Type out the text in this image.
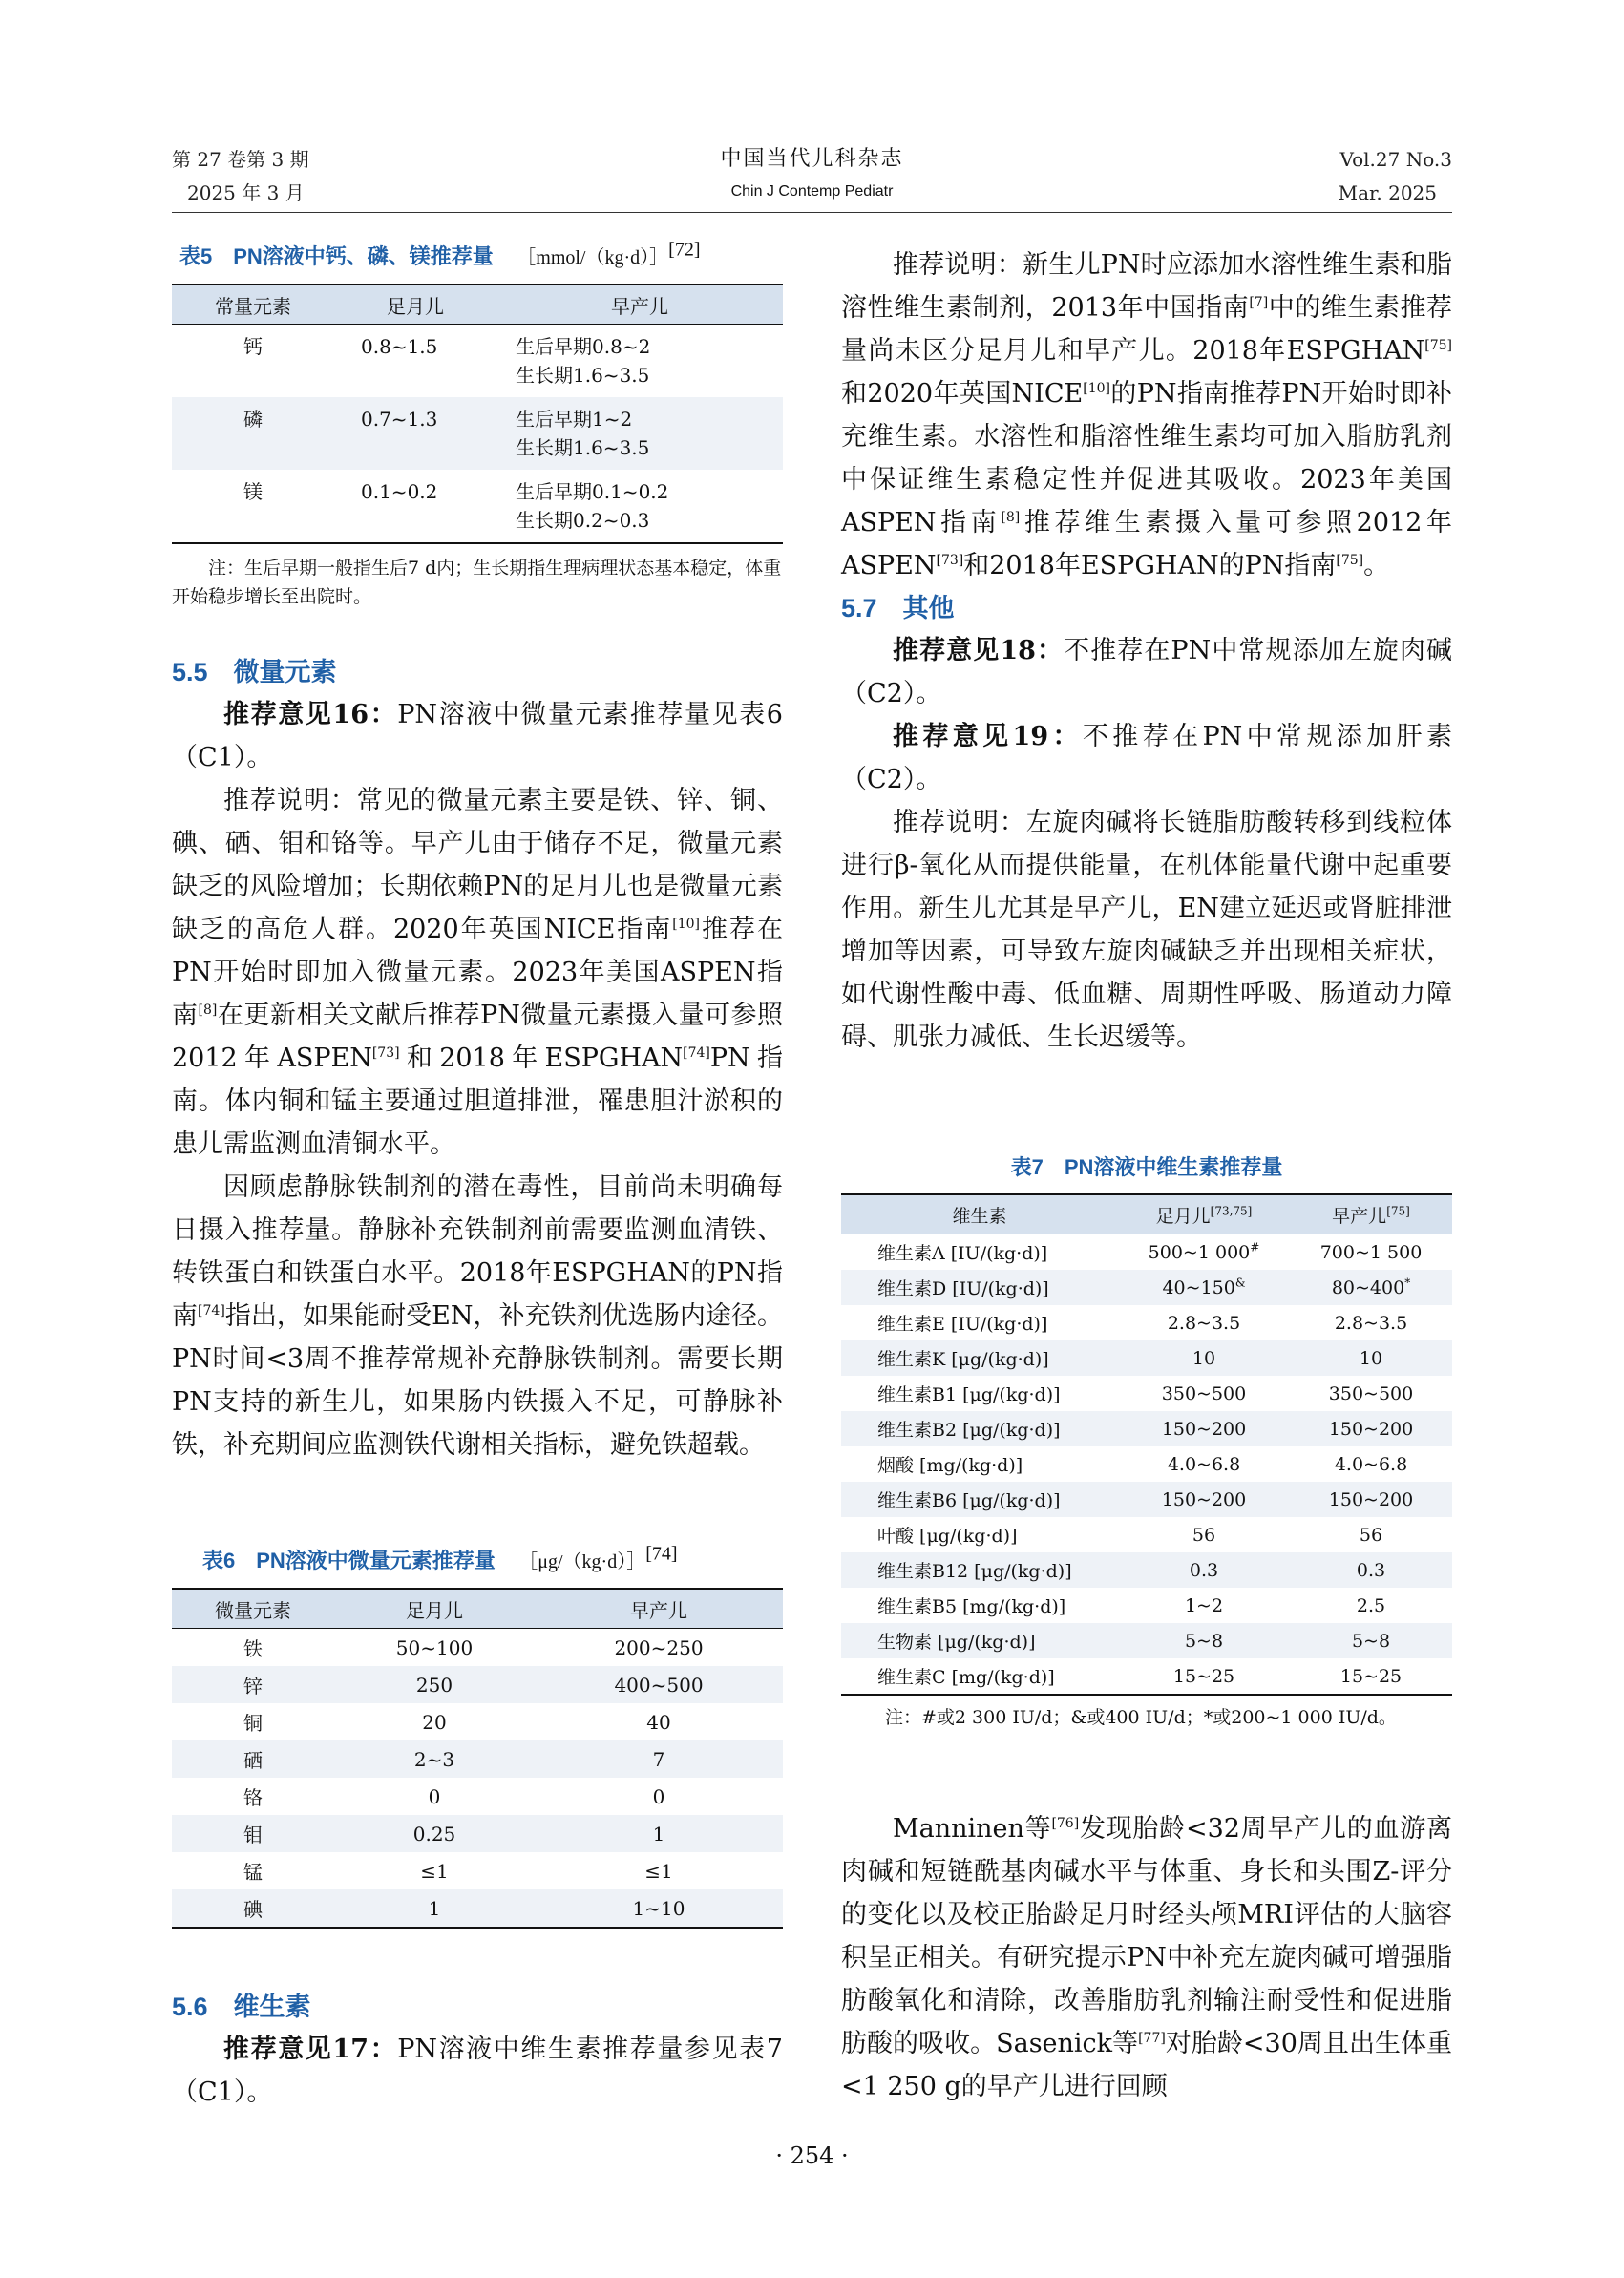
第 27 卷第 3 期
2025 年 3 月
中国当代儿科杂志
Chin J Contemp Pediatr
Vol.27 No.3
Mar. 2025
表5　PN溶液中钙、磷、镁推荐量 ［mmol/（kg·d）］[72]
常量元素	足月儿	早产儿
钙	0.8~1.5	生后早期0.8~2
生长期1.6~3.5

磷	0.7~1.3	生后早期1~2
生长期1.6~3.5

镁	0.1~0.2	生后早期0.1~0.2
生长期0.2~0.3
注：生后早期一般指生后7 d内；生长期指生理病理状态基本稳定，体重开始稳步增长至出院时。
5.5　微量元素

推荐意见16：PN溶液中微量元素推荐量见表6（C1）。

推荐说明：常见的微量元素主要是铁、锌、铜、碘、硒、钼和铬等。早产儿由于储存不足，微量元素缺乏的风险增加；长期依赖PN的足月儿也是微量元素缺乏的高危人群。2020年英国NICE指南[10]推荐在PN开始时即加入微量元素。2023年美国ASPEN指南[8]在更新相关文献后推荐PN微量元素摄入量可参照2012年ASPEN[73]和2018年ESPGHAN[74]PN指南。体内铜和锰主要通过胆道排泄，罹患胆汁淤积的患儿需监测血清铜水平。

因顾虑静脉铁制剂的潜在毒性，目前尚未明确每日摄入推荐量。静脉补充铁制剂前需要监测血清铁、转铁蛋白和铁蛋白水平。2018年ESPGHAN的PN指南[74]指出，如果能耐受EN，补充铁剂优选肠内途径。PN时间<3周不推荐常规补充静脉铁制剂。需要长期PN支持的新生儿，如果肠内铁摄入不足，可静脉补铁，补充期间应监测铁代谢相关指标，避免铁超载。

表6　PN溶液中微量元素推荐量 ［μg/（kg·d）］[74]
微量元素	足月儿	早产儿
铁	50~100	200~250
锌	250	400~500
铜	20	40
硒	2~3	7
铬	0	0
钼	0.25	1
锰	≤1	≤1
碘	1	1~10
5.6　维生素

推荐意见17：PN溶液中维生素推荐量参见表7（C1）。

推荐说明：新生儿PN时应添加水溶性维生素和脂溶性维生素制剂，2013年中国指南[7]中的维生素推荐量尚未区分足月儿和早产儿。2018年ESPGHAN[75]和2020年英国NICE[10]的PN指南推荐PN开始时即补充维生素。水溶性和脂溶性维生素均可加入脂肪乳剂中保证维生素稳定性并促进其吸收。2023年美国ASPEN指南[8]推荐维生素摄入量可参照2012年ASPEN[73]和2018年ESPGHAN的PN指南[75]。

5.7　其他

推荐意见18：不推荐在PN中常规添加左旋肉碱（C2）。

推荐意见19：不推荐在PN中常规添加肝素（C2）。

推荐说明：左旋肉碱将长链脂肪酸转移到线粒体进行β-氧化从而提供能量，在机体能量代谢中起重要作用。新生儿尤其是早产儿，EN建立延迟或肾脏排泄增加等因素，可导致左旋肉碱缺乏并出现相关症状，如代谢性酸中毒、低血糖、周期性呼吸、肠道动力障碍、肌张力减低、生长迟缓等。

表7　PN溶液中维生素推荐量
维生素	足月儿[73,75]	早产儿[75]
维生素A [IU/(kg·d)]	500~1 000#	700~1 500
维生素D [IU/(kg·d)]	40~150&	80~400*
维生素E [IU/(kg·d)]	2.8~3.5	2.8~3.5
维生素K [μg/(kg·d)]	10	10
维生素B1 [μg/(kg·d)]	350~500	350~500
维生素B2 [μg/(kg·d)]	150~200	150~200
烟酸 [mg/(kg·d)]	4.0~6.8	4.0~6.8
维生素B6 [μg/(kg·d)]	150~200	150~200
叶酸 [μg/(kg·d)]	56	56
维生素B12 [μg/(kg·d)]	0.3	0.3
维生素B5 [mg/(kg·d)]	1~2	2.5
生物素 [μg/(kg·d)]	5~8	5~8
维生素C [mg/(kg·d)]	15~25	15~25
注：#或2 300 IU/d；&或400 IU/d；*或200~1 000 IU/d。

Manninen等[76]发现胎龄<32周早产儿的血游离肉碱和短链酰基肉碱水平与体重、身长和头围Z-评分的变化以及校正胎龄足月时经头颅MRI评估的大脑容积呈正相关。有研究提示PN中补充左旋肉碱可增强脂肪酸氧化和清除，改善脂肪乳剂输注耐受性和促进脂肪酸的吸收。Sasenick等[77]对胎龄<30周且出生体重<1 250 g的早产儿进行回顾

· 254 ·
